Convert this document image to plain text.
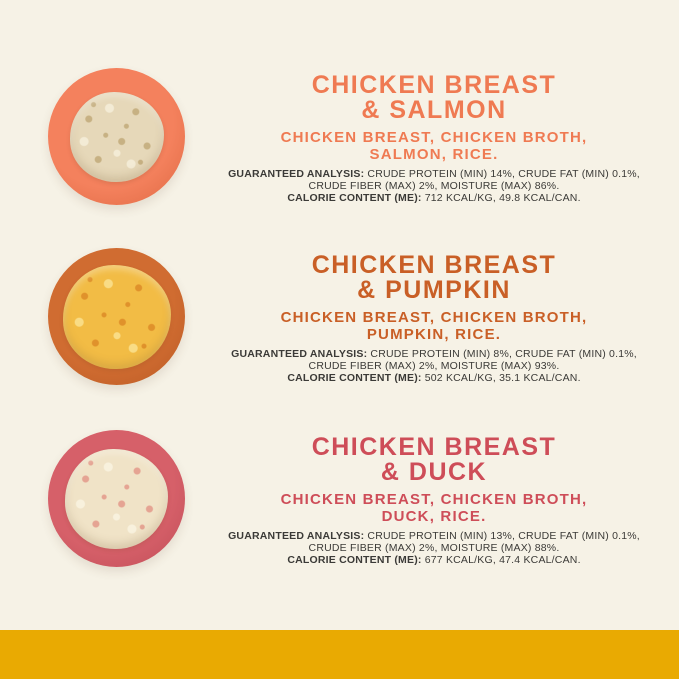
CHICKEN BREAST
& SALMON

CHICKEN BREAST, CHICKEN BROTH,
SALMON, RICE.

GUARANTEED ANALYSIS: CRUDE PROTEIN (MIN) 14%, CRUDE FAT (MIN) 0.1%,
CRUDE FIBER (MAX) 2%, MOISTURE (MAX) 86%.
CALORIE CONTENT (ME): 712 KCAL/KG, 49.8 KCAL/CAN.

CHICKEN BREAST
& PUMPKIN

CHICKEN BREAST, CHICKEN BROTH,
PUMPKIN, RICE.

GUARANTEED ANALYSIS: CRUDE PROTEIN (MIN) 8%, CRUDE FAT (MIN) 0.1%,
CRUDE FIBER (MAX) 2%, MOISTURE (MAX) 93%.
CALORIE CONTENT (ME): 502 KCAL/KG, 35.1 KCAL/CAN.

CHICKEN BREAST
& DUCK

CHICKEN BREAST, CHICKEN BROTH,
DUCK, RICE.

GUARANTEED ANALYSIS: CRUDE PROTEIN (MIN) 13%, CRUDE FAT (MIN) 0.1%,
CRUDE FIBER (MAX) 2%, MOISTURE (MAX) 88%.
CALORIE CONTENT (ME): 677 KCAL/KG, 47.4 KCAL/CAN.
